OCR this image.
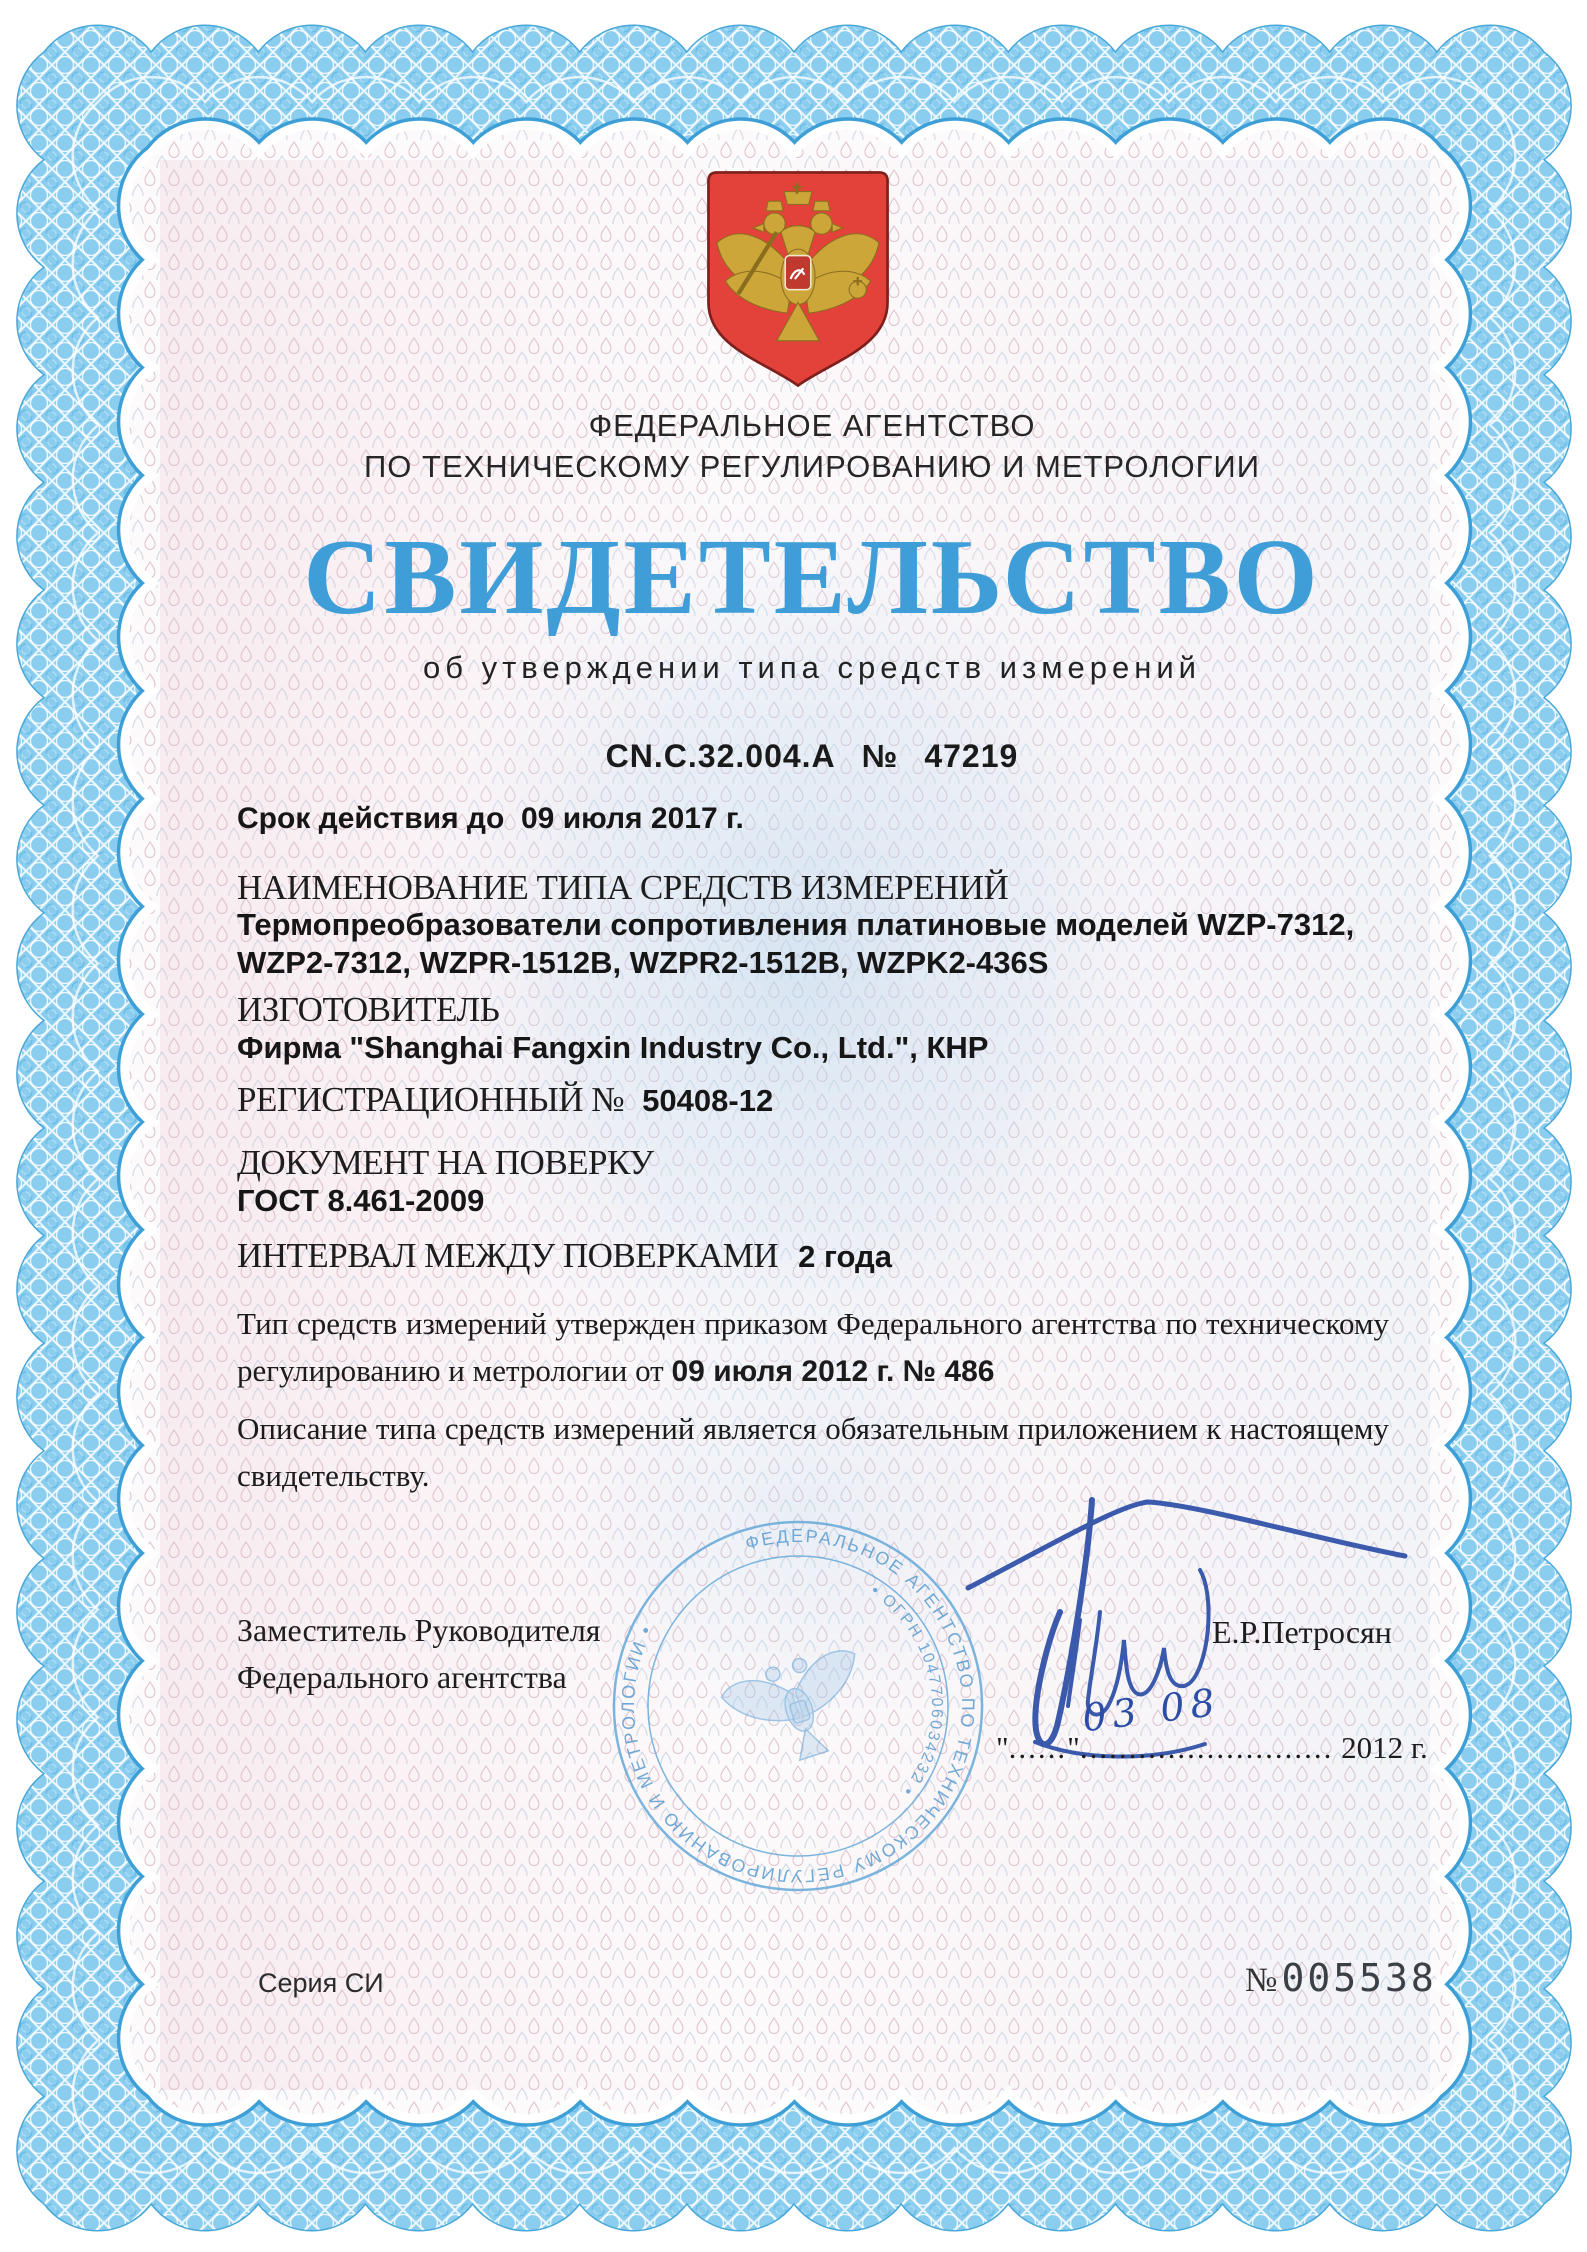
ФЕДЕРАЛЬНОЕ АГЕНТСТВО
ПО ТЕХНИЧЕСКОМУ РЕГУЛИРОВАНИЮ И МЕТРОЛОГИИ
СВИДЕТЕЛЬСТВО
об утверждении типа средств измерений
CN.C.32.004.A № 47219
Срок действия до 09 июля 2017 г.
НАИМЕНОВАНИЕ ТИПА СРЕДСТВ ИЗМЕРЕНИЙ
Термопреобразователи сопротивления платиновые моделей WZP-7312,
WZP2-7312, WZPR-1512B, WZPR2-1512B, WZPK2-436S
ИЗГОТОВИТЕЛЬ
Фирма "Shanghai Fangxin Industry Co., Ltd.", КНР
РЕГИСТРАЦИОННЫЙ № 50408-12
ДОКУМЕНТ НА ПОВЕРКУ
ГОСТ 8.461-2009
ИНТЕРВАЛ МЕЖДУ ПОВЕРКАМИ 2 года
Тип средств измерений утвержден приказом Федерального агентства по техническому регулированию и метрологии от 09 июля 2012 г. № 486
Описание типа средств измерений является обязательным приложением к настоящему свидетельству.
ФЕДЕРАЛЬНОЕ АГЕНТСТВО ПО ТЕХНИЧЕСКОМУ РЕГУЛИРОВАНИЮ И МЕТРОЛОГИИ •
• ОГРН 1047706034232 •
Заместитель Руководителя
Федерального агентства
Е.Р.Петросян
03 08
"......".......................... 2012 г.
Серия СИ	№ 005538
